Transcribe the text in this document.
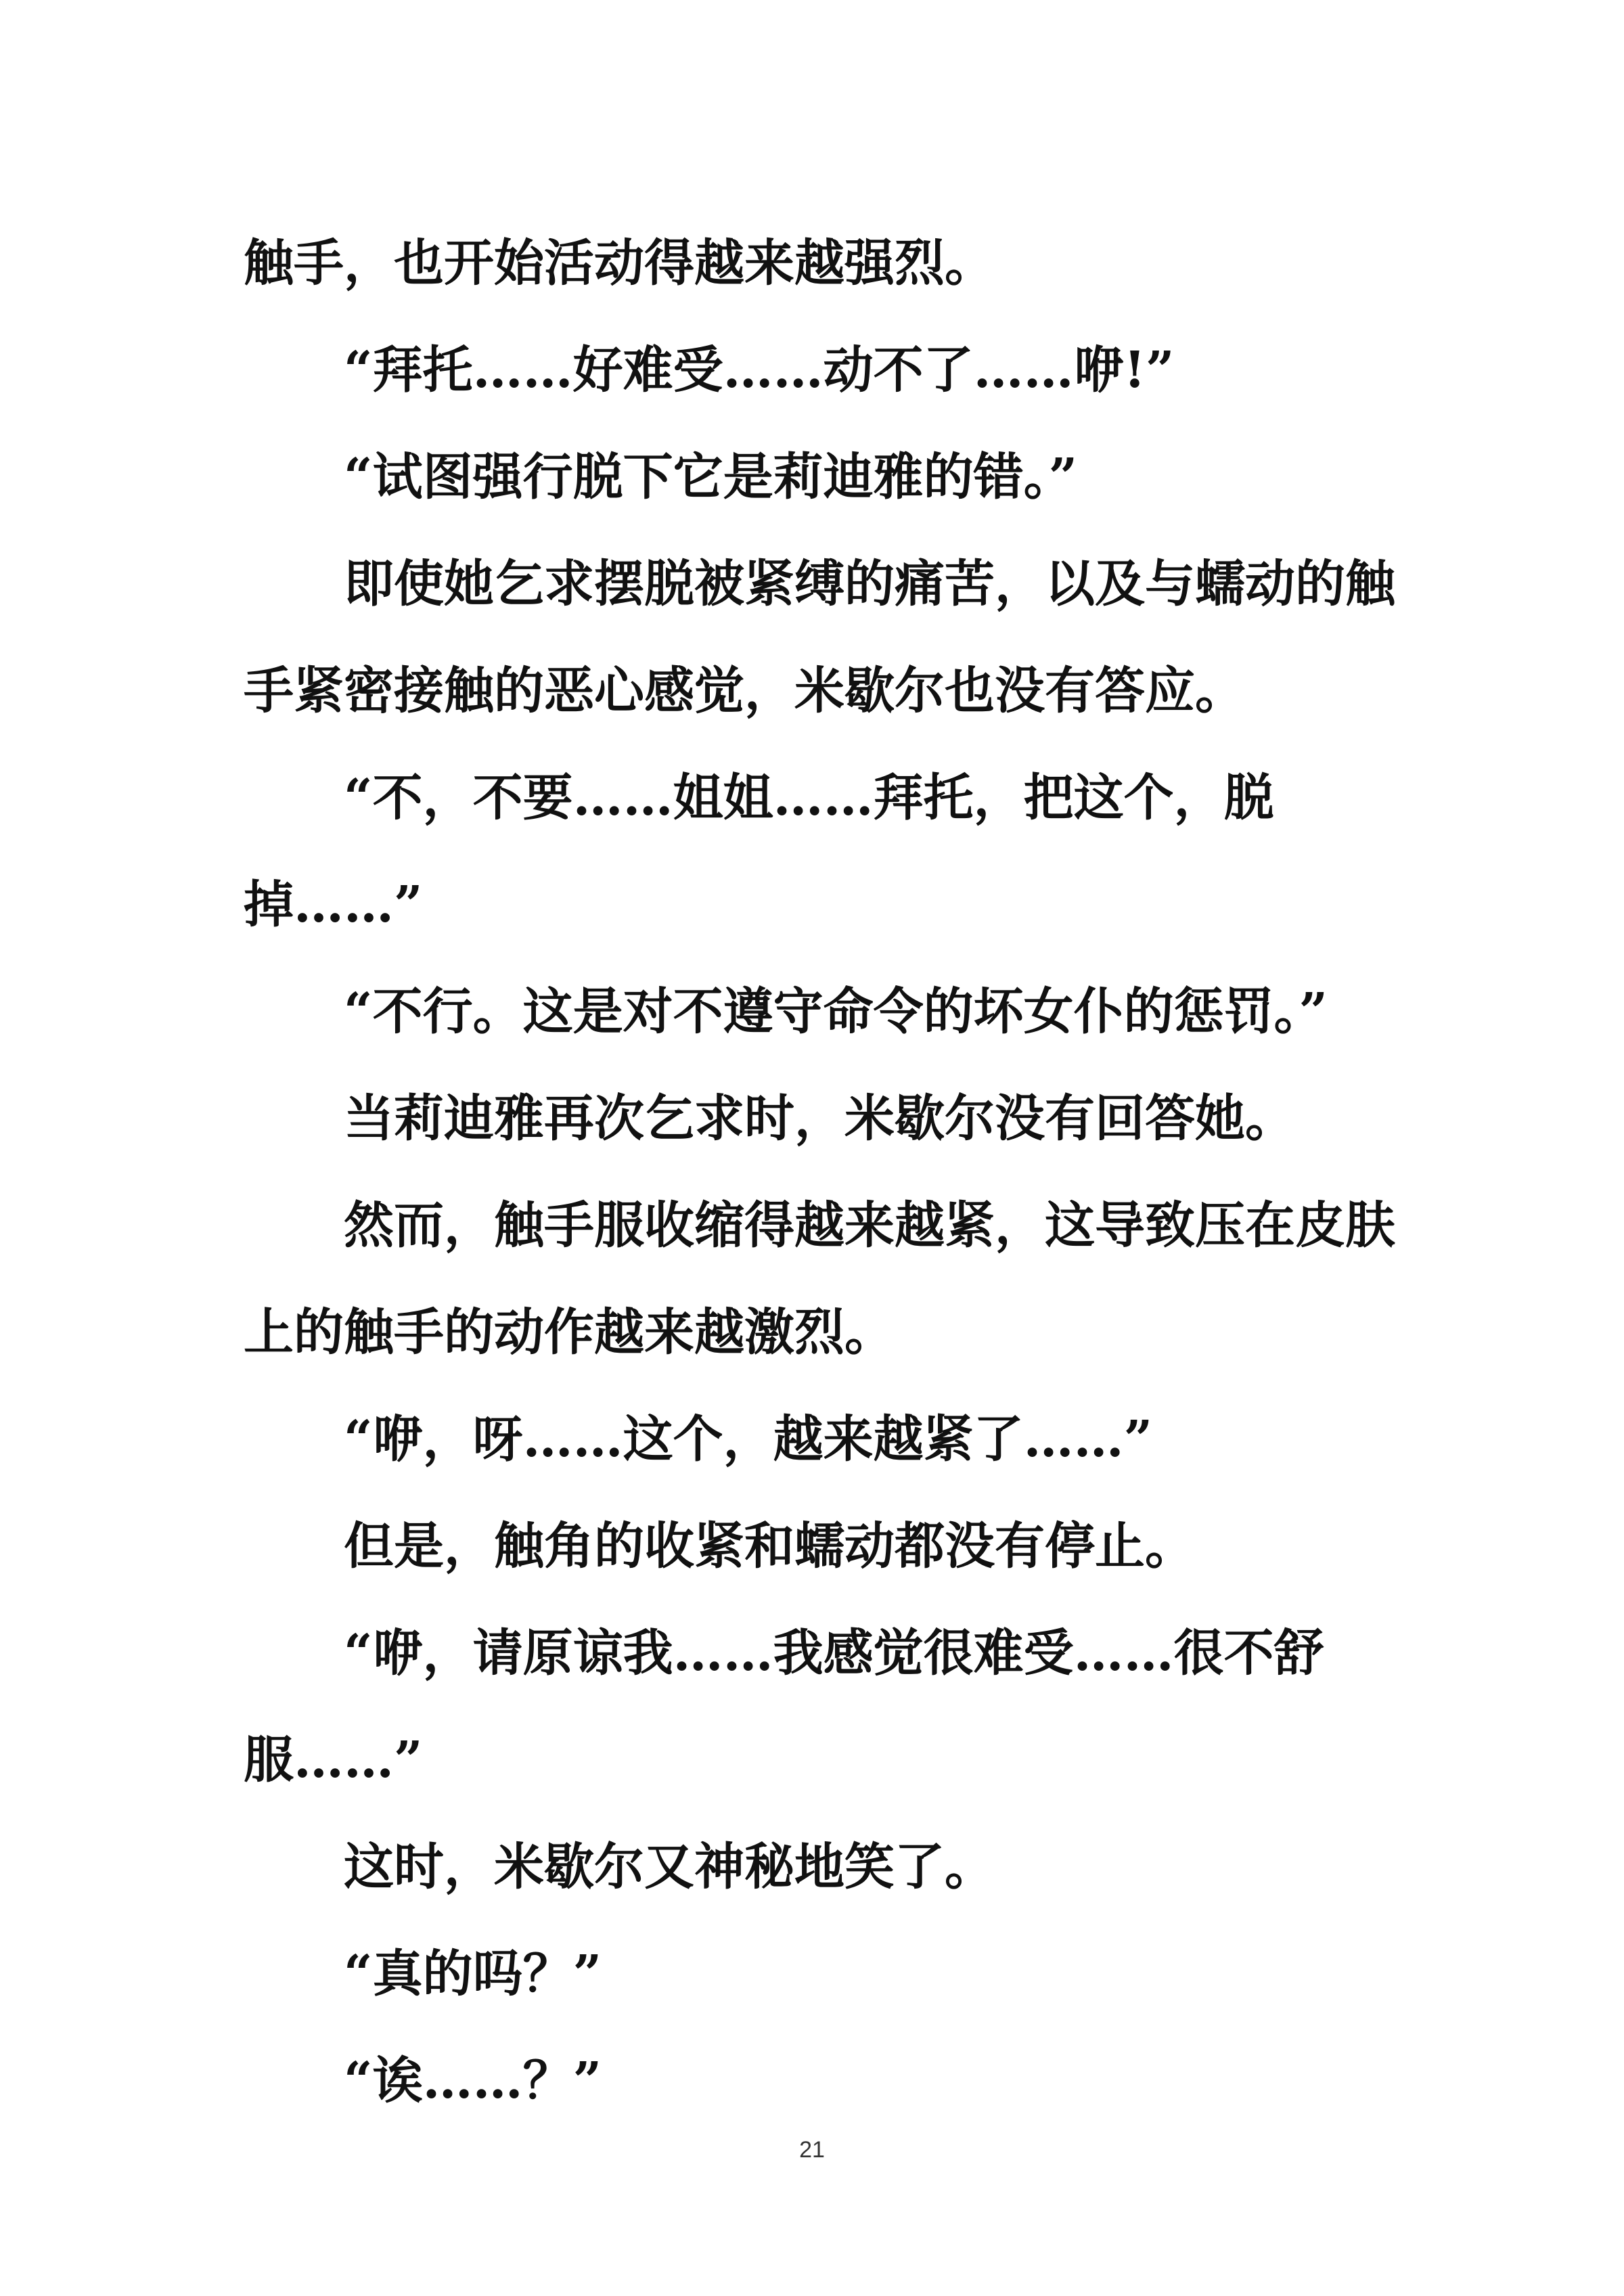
触手，也开始活动得越来越强烈。
“拜托……好难受……动不了……咿!”
“试图强行脱下它是莉迪雅的错。”
即使她乞求摆脱被紧缚的痛苦，以及与蠕动的触
手紧密接触的恶心感觉，米歇尔也没有答应。
“不，不要……姐姐……拜托，把这个，脱
掉……”
“不行。这是对不遵守命令的坏女仆的惩罚。”
当莉迪雅再次乞求时，米歇尔没有回答她。
然而，触手服收缩得越来越紧，这导致压在皮肤
上的触手的动作越来越激烈。
“咿，呀……这个，越来越紧了……”
但是，触角的收紧和蠕动都没有停止。
“咿，请原谅我……我感觉很难受……很不舒
服……”
这时，米歇尔又神秘地笑了。
“真的吗？”
“诶……？”
21
